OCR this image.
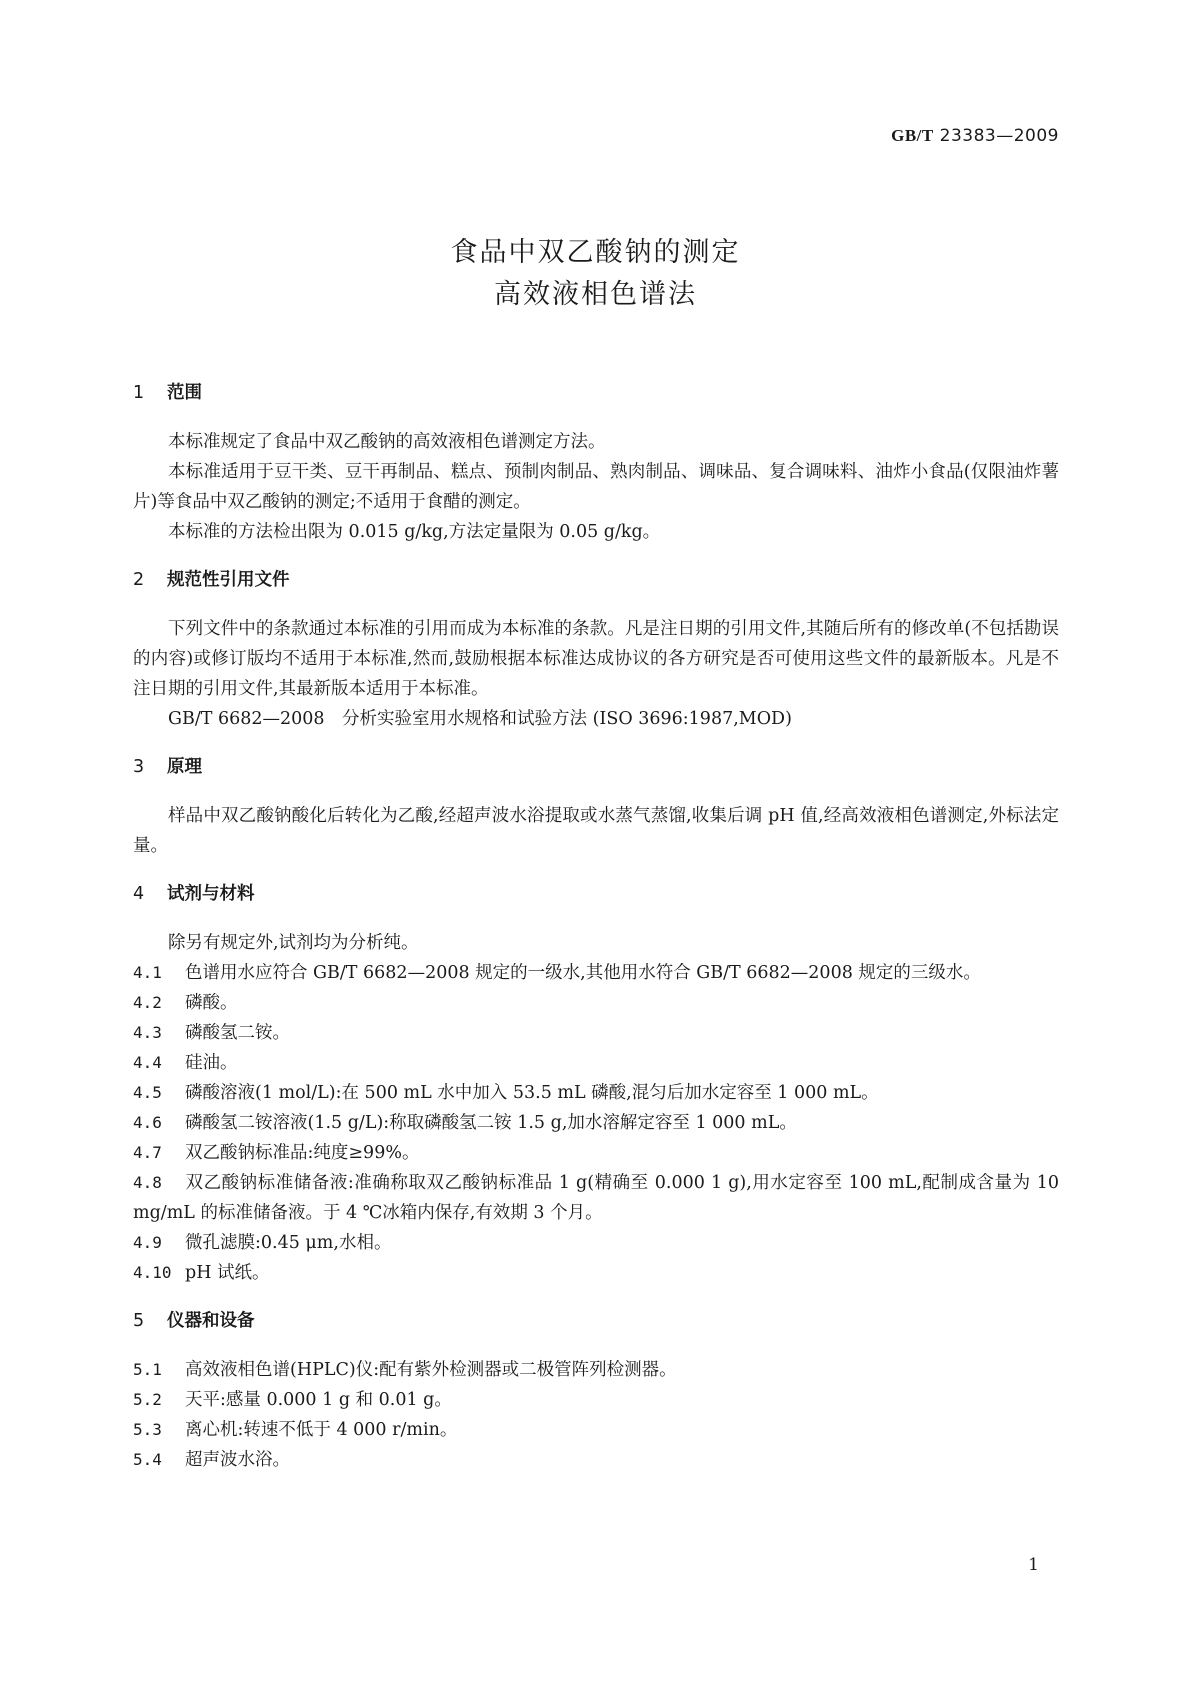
GB/T 23383—2009
食品中双乙酸钠的测定
高效液相色谱法
1 范围

本标准规定了食品中双乙酸钠的高效液相色谱测定方法。

本标准适用于豆干类、豆干再制品、糕点、预制肉制品、熟肉制品、调味品、复合调味料、油炸小食品(仅限油炸薯片)等食品中双乙酸钠的测定;不适用于食醋的测定。

本标准的方法检出限为 0.015 g/kg,方法定量限为 0.05 g/kg。

2 规范性引用文件

下列文件中的条款通过本标准的引用而成为本标准的条款。凡是注日期的引用文件,其随后所有的修改单(不包括勘误的内容)或修订版均不适用于本标准,然而,鼓励根据本标准达成协议的各方研究是否可使用这些文件的最新版本。凡是不注日期的引用文件,其最新版本适用于本标准。

GB/T 6682—2008　分析实验室用水规格和试验方法 (ISO 3696:1987,MOD)

3 原理

样品中双乙酸钠酸化后转化为乙酸,经超声波水浴提取或水蒸气蒸馏,收集后调 pH 值,经高效液相色谱测定,外标法定量。

4 试剂与材料

除另有规定外,试剂均为分析纯。

4.1 色谱用水应符合 GB/T 6682—2008 规定的一级水,其他用水符合 GB/T 6682—2008 规定的三级水。

4.2 磷酸。

4.3 磷酸氢二铵。

4.4 硅油。

4.5 磷酸溶液(1 mol/L):在 500 mL 水中加入 53.5 mL 磷酸,混匀后加水定容至 1 000 mL。

4.6 磷酸氢二铵溶液(1.5 g/L):称取磷酸氢二铵 1.5 g,加水溶解定容至 1 000 mL。

4.7 双乙酸钠标准品:纯度≥99%。

4.8 双乙酸钠标准储备液:准确称取双乙酸钠标准品 1 g(精确至 0.000 1 g),用水定容至 100 mL,配制成含量为 10 mg/mL 的标准储备液。于 4 ℃冰箱内保存,有效期 3 个月。

4.9 微孔滤膜:0.45 μm,水相。

4.10 pH 试纸。

5 仪器和设备

5.1 高效液相色谱(HPLC)仪:配有紫外检测器或二极管阵列检测器。

5.2 天平:感量 0.000 1 g 和 0.01 g。

5.3 离心机:转速不低于 4 000 r/min。

5.4 超声波水浴。

1
